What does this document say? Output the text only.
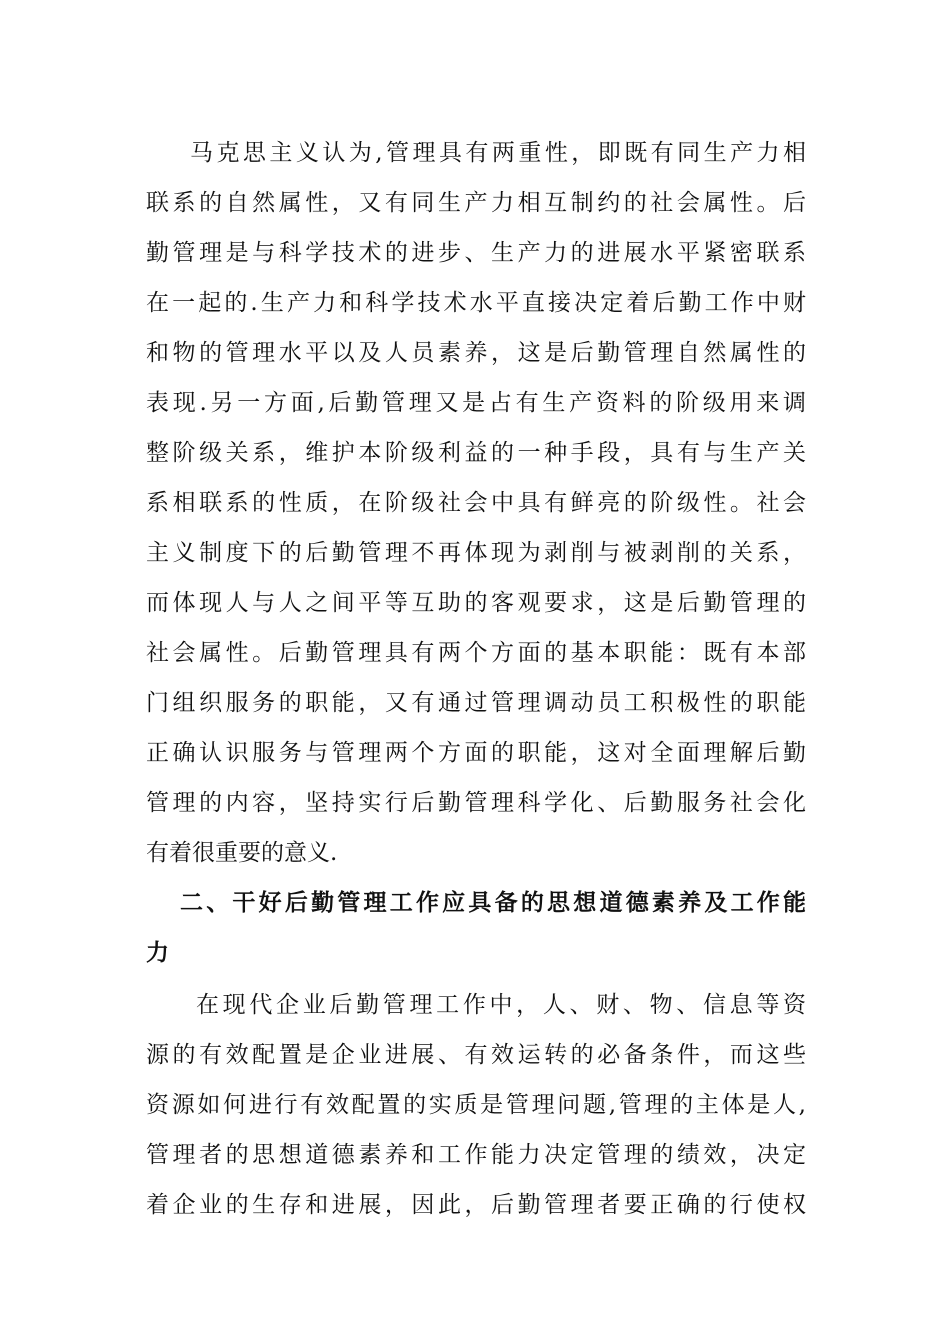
马克思主义认为,管理具有两重性，即既有同生产力相
联系的自然属性，又有同生产力相互制约的社会属性。后
勤管理是与科学技术的进步、生产力的进展水平紧密联系
在一起的.生产力和科学技术水平直接决定着后勤工作中财
和物的管理水平以及人员素养，这是后勤管理自然属性的
表现.另一方面,后勤管理又是占有生产资料的阶级用来调
整阶级关系，维护本阶级利益的一种手段，具有与生产关
系相联系的性质，在阶级社会中具有鲜亮的阶级性。社会
主义制度下的后勤管理不再体现为剥削与被剥削的关系，
而体现人与人之间平等互助的客观要求，这是后勤管理的
社会属性。后勤管理具有两个方面的基本职能：既有本部
门组织服务的职能，又有通过管理调动员工积极性的职能
正确认识服务与管理两个方面的职能，这对全面理解后勤
管理的内容，坚持实行后勤管理科学化、后勤服务社会化
有着很重要的意义.
二、干好后勤管理工作应具备的思想道德素养及工作能
力
在现代企业后勤管理工作中，人、财、物、信息等资
源的有效配置是企业进展、有效运转的必备条件，而这些
资源如何进行有效配置的实质是管理问题,管理的主体是人,
管理者的思想道德素养和工作能力决定管理的绩效，决定
着企业的生存和进展，因此，后勤管理者要正确的行使权
